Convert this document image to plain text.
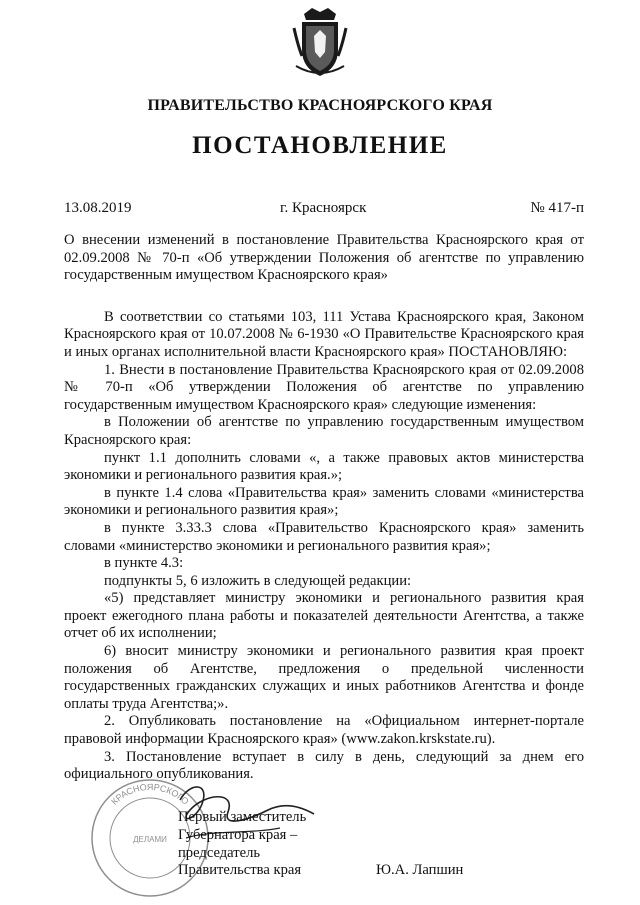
ПРАВИТЕЛЬСТВО КРАСНОЯРСКОГО КРАЯ
ПОСТАНОВЛЕНИЕ
13.08.2019	г. Красноярск	№ 417-п

О внесении изменений в постановление Правительства Красноярского края от 02.09.2008 № 70-п «Об утверждении Положения об агентстве по управлению государственным имуществом Красноярского края»

В соответствии со статьями 103, 111 Устава Красноярского края, Законом Красноярского края от 10.07.2008 № 6-1930 «О Правительстве Красноярского края и иных органах исполнительной власти Красноярского края» ПОСТАНОВЛЯЮ:

1. Внести в постановление Правительства Красноярского края от 02.09.2008 № 70-п «Об утверждении Положения об агентстве по управлению государственным имуществом Красноярского края» следующие изменения:

в Положении об агентстве по управлению государственным имуществом Красноярского края:

пункт 1.1 дополнить словами «, а также правовых актов министерства экономики и регионального развития края.»;

в пункте 1.4 слова «Правительства края» заменить словами «министерства экономики и регионального развития края»;

в пункте 3.33.3 слова «Правительство Красноярского края» заменить словами «министерство экономики и регионального развития края»;

в пункте 4.3:

подпункты 5, 6 изложить в следующей редакции:

«5) представляет министру экономики и регионального развития края проект ежегодного плана работы и показателей деятельности Агентства, а также отчет об их исполнении;

6) вносит министру экономики и регионального развития края проект положения об Агентстве, предложения о предельной численности государственных гражданских служащих и иных работников Агентства и фонде оплаты труда Агентства;».

2. Опубликовать постановление на «Официальном интернет-портале правовой информации Красноярского края» (www.zakon.krskstate.ru).

3. Постановление вступает в силу в день, следующий за днем его официального опубликования.

КРАСНОЯРСКОГО
ДЕЛАМИ
Первый заместитель
Губернатора края –
председатель
Правительства края	Ю.А. Лапшин
